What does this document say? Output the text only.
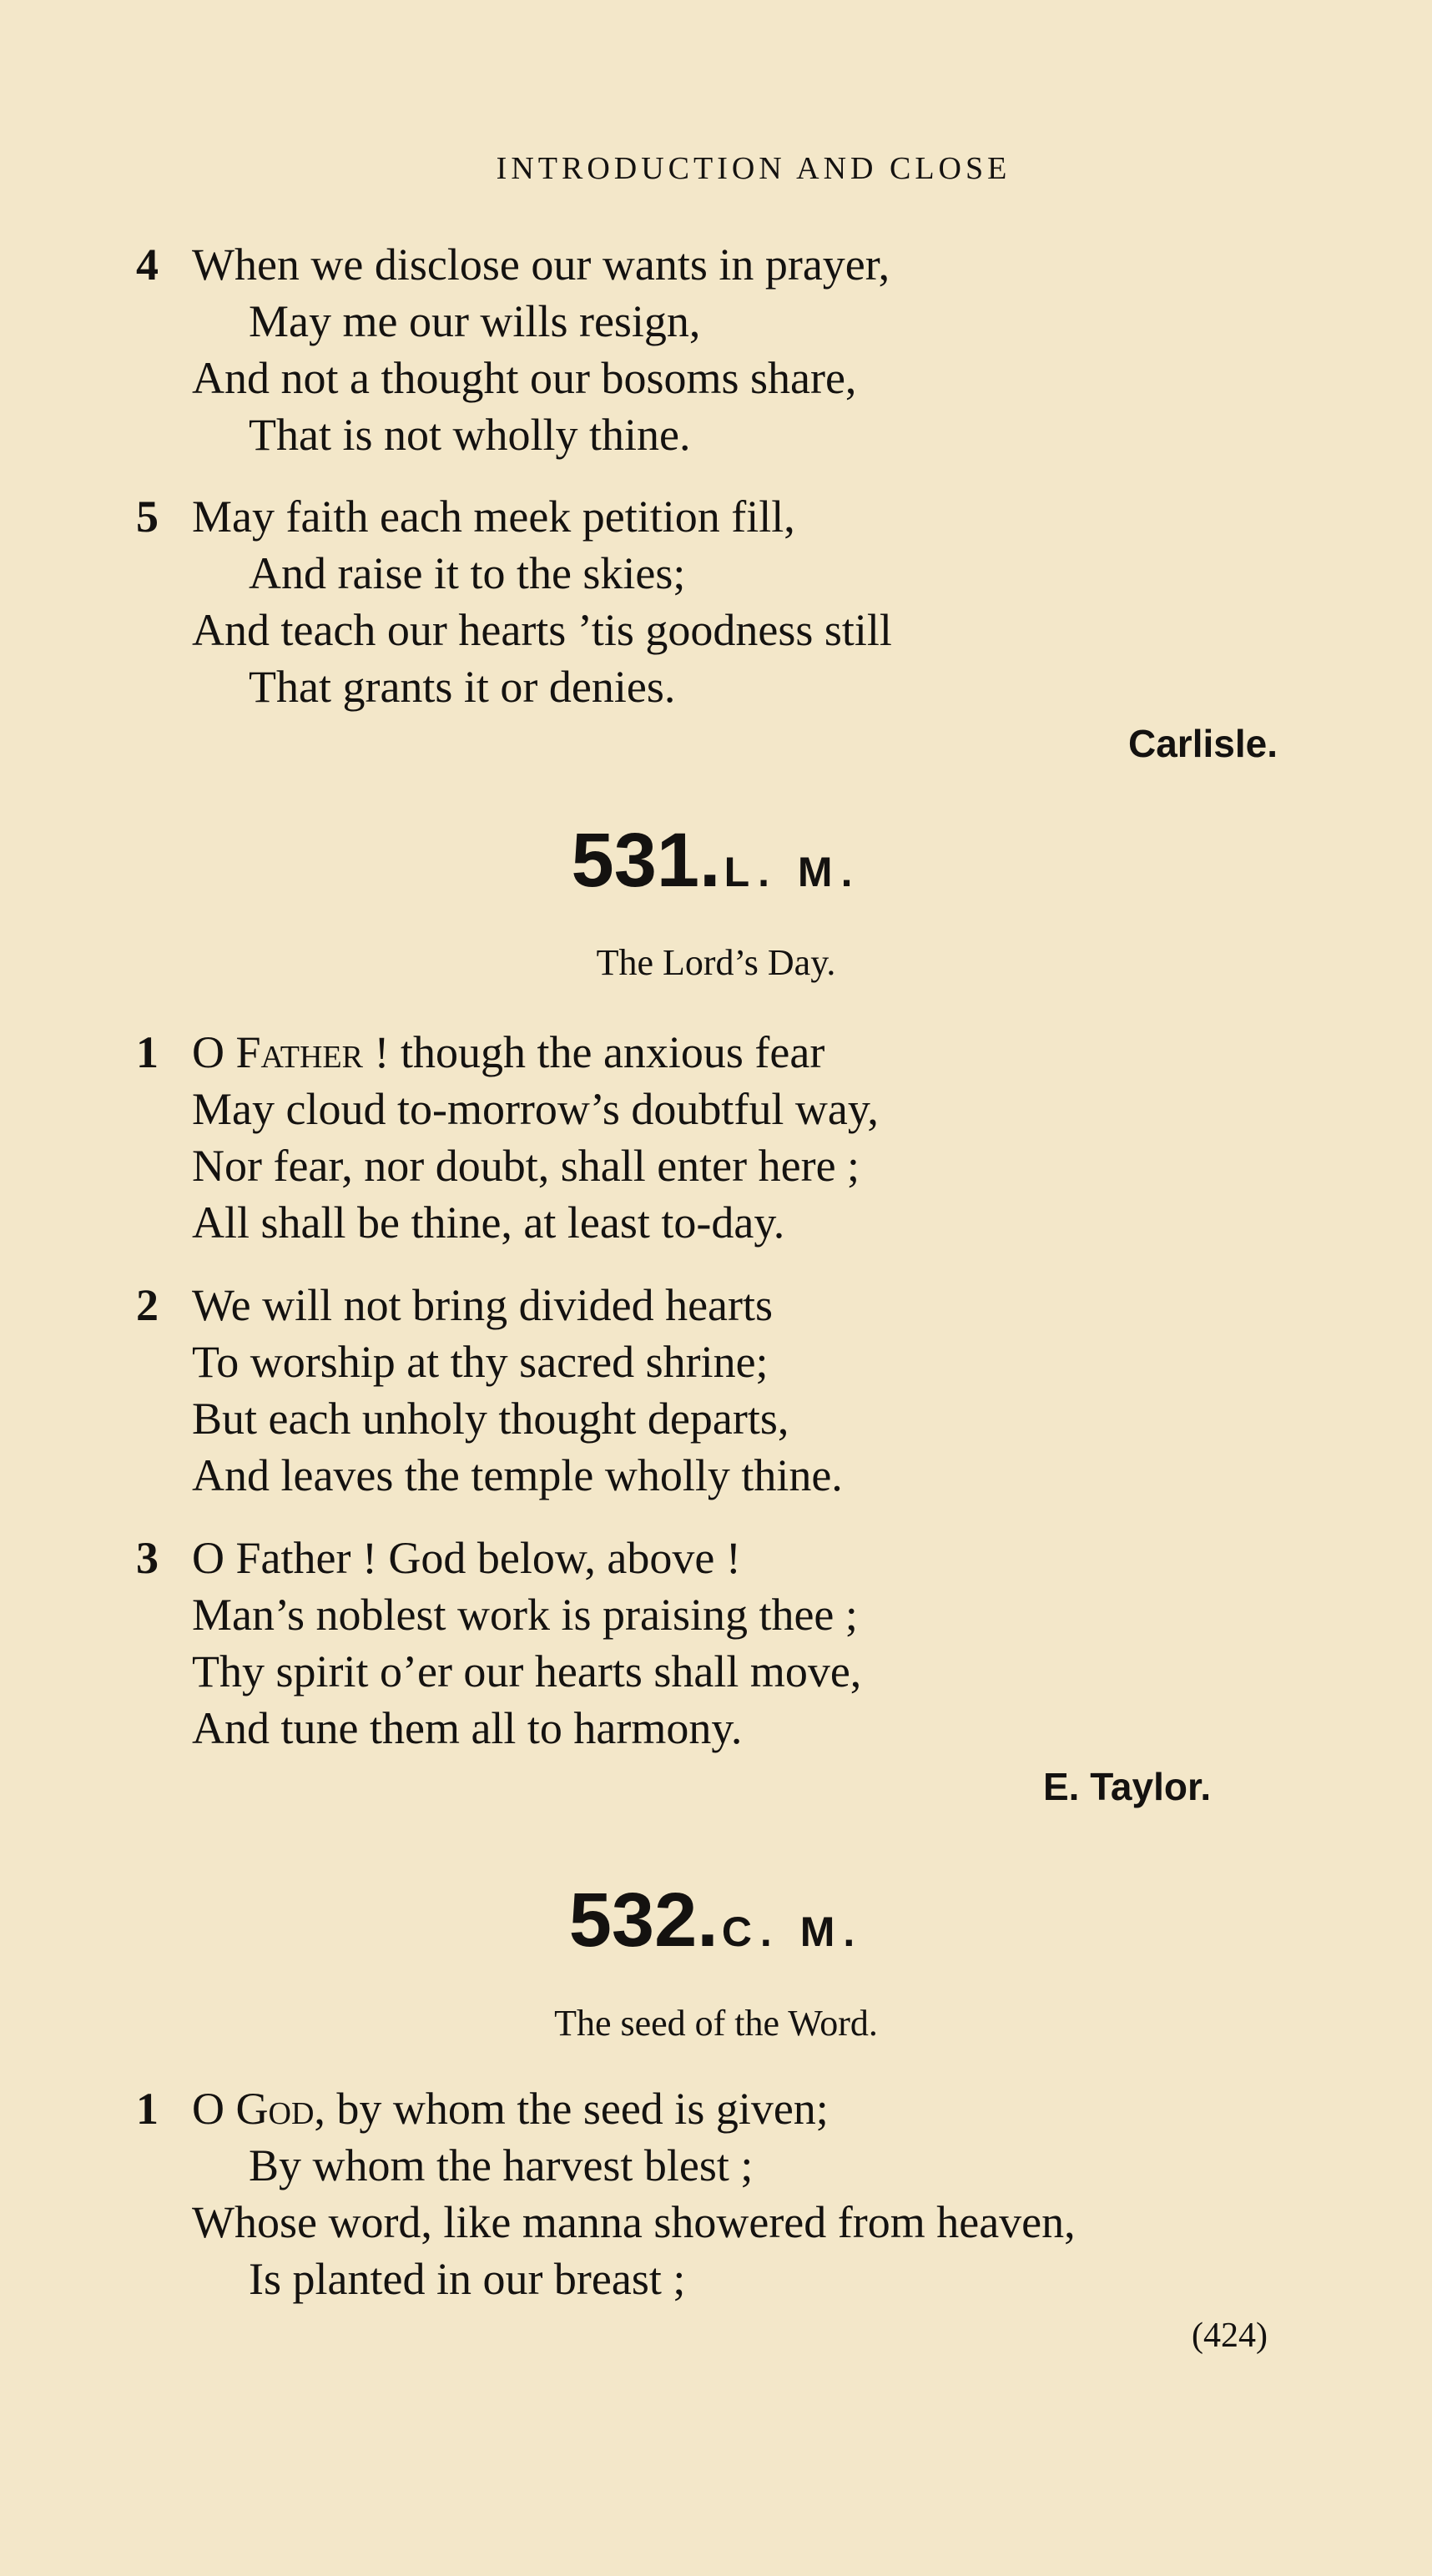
INTRODUCTION AND CLOSE
4 When we disclose our wants in prayer,
May me our wills resign,
And not a thought our bosoms share,
That is not wholly thine.
5 May faith each meek petition fill,
And raise it to the skies;
And teach our hearts ’tis goodness still
That grants it or denies.
Carlisle.
531. L. M.
The Lord’s Day.
1 O Father ! though the anxious fear
May cloud to-morrow’s doubtful way,
Nor fear, nor doubt, shall enter here ;
All shall be thine, at least to-day.
2 We will not bring divided hearts
To worship at thy sacred shrine;
But each unholy thought departs,
And leaves the temple wholly thine.
3 O Father ! God below, above !
Man’s noblest work is praising thee ;
Thy spirit o’er our hearts shall move,
And tune them all to harmony.
E. Taylor.
532. C. M.
The seed of the Word.
1 O God, by whom the seed is given;
By whom the harvest blest ;
Whose word, like manna showered from heaven,
Is planted in our breast ;
(424)
